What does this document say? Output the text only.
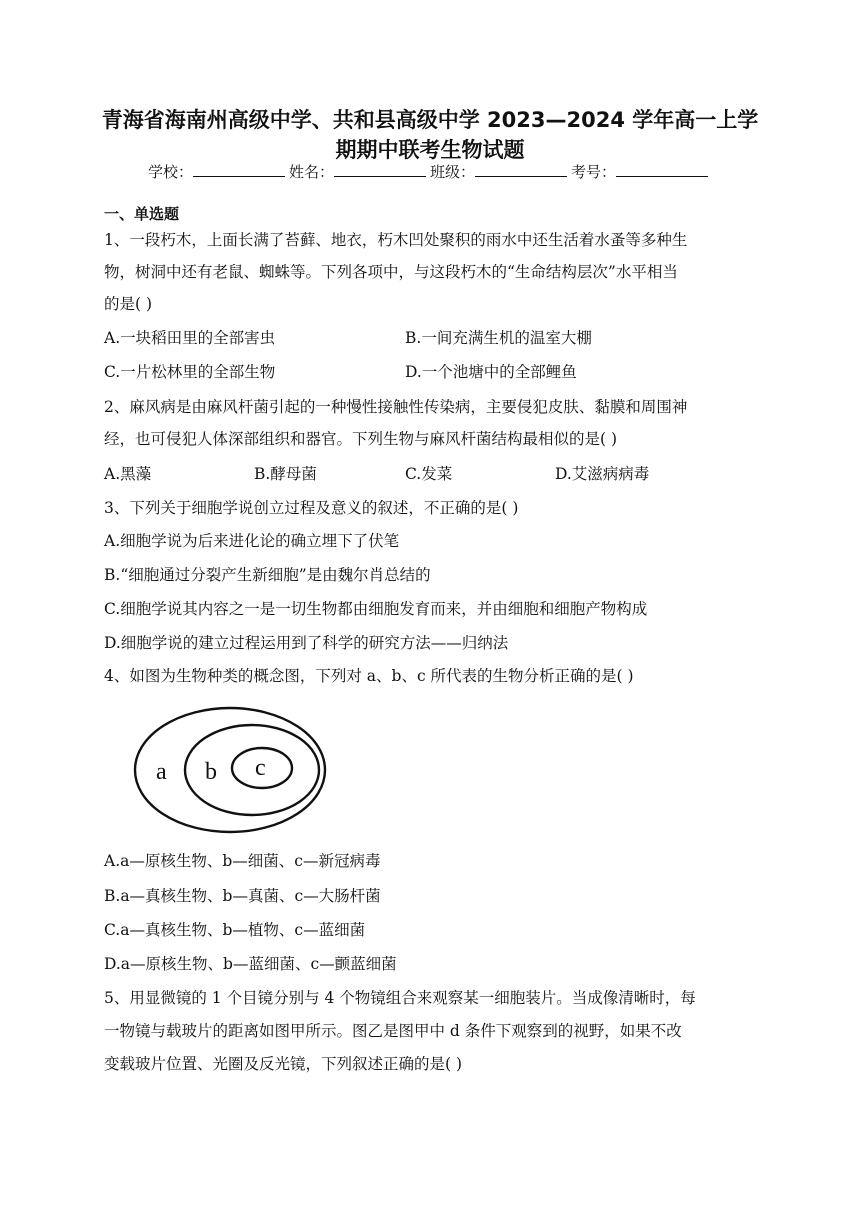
青海省海南州高级中学、共和县高级中学 2023—2024 学年高一上学
期期中联考生物试题
学校：	姓名：	班级：	考号：
一、单选题
1、一段朽木，上面长满了苔藓、地衣，朽木凹处聚积的雨水中还生活着水蚤等多种生
物，树洞中还有老鼠、蜘蛛等。下列各项中，与这段朽木的“生命结构层次”水平相当
的是( )
A.一块稻田里的全部害虫	B.一间充满生机的温室大棚
C.一片松林里的全部生物	D.一个池塘中的全部鲤鱼
2、麻风病是由麻风杆菌引起的一种慢性接触性传染病，主要侵犯皮肤、黏膜和周围神
经，也可侵犯人体深部组织和器官。下列生物与麻风杆菌结构最相似的是( )
A.黑藻	B.酵母菌	C.发菜	D.艾滋病病毒
3、下列关于细胞学说创立过程及意义的叙述，不正确的是( )
A.细胞学说为后来进化论的确立埋下了伏笔
B.“细胞通过分裂产生新细胞”是由魏尔肖总结的
C.细胞学说其内容之一是一切生物都由细胞发育而来，并由细胞和细胞产物构成
D.细胞学说的建立过程运用到了科学的研究方法——归纳法
4、如图为生物种类的概念图，下列对 a、b、c 所代表的生物分析正确的是( )
a b c
A.a—原核生物、b—细菌、c—新冠病毒
B.a—真核生物、b—真菌、c—大肠杆菌
C.a—真核生物、b—植物、c—蓝细菌
D.a—原核生物、b—蓝细菌、c—颤蓝细菌
5、用显微镜的 1 个目镜分别与 4 个物镜组合来观察某一细胞装片。当成像清晰时，每
一物镜与载玻片的距离如图甲所示。图乙是图甲中 d 条件下观察到的视野，如果不改
变载玻片位置、光圈及反光镜，下列叙述正确的是( )
